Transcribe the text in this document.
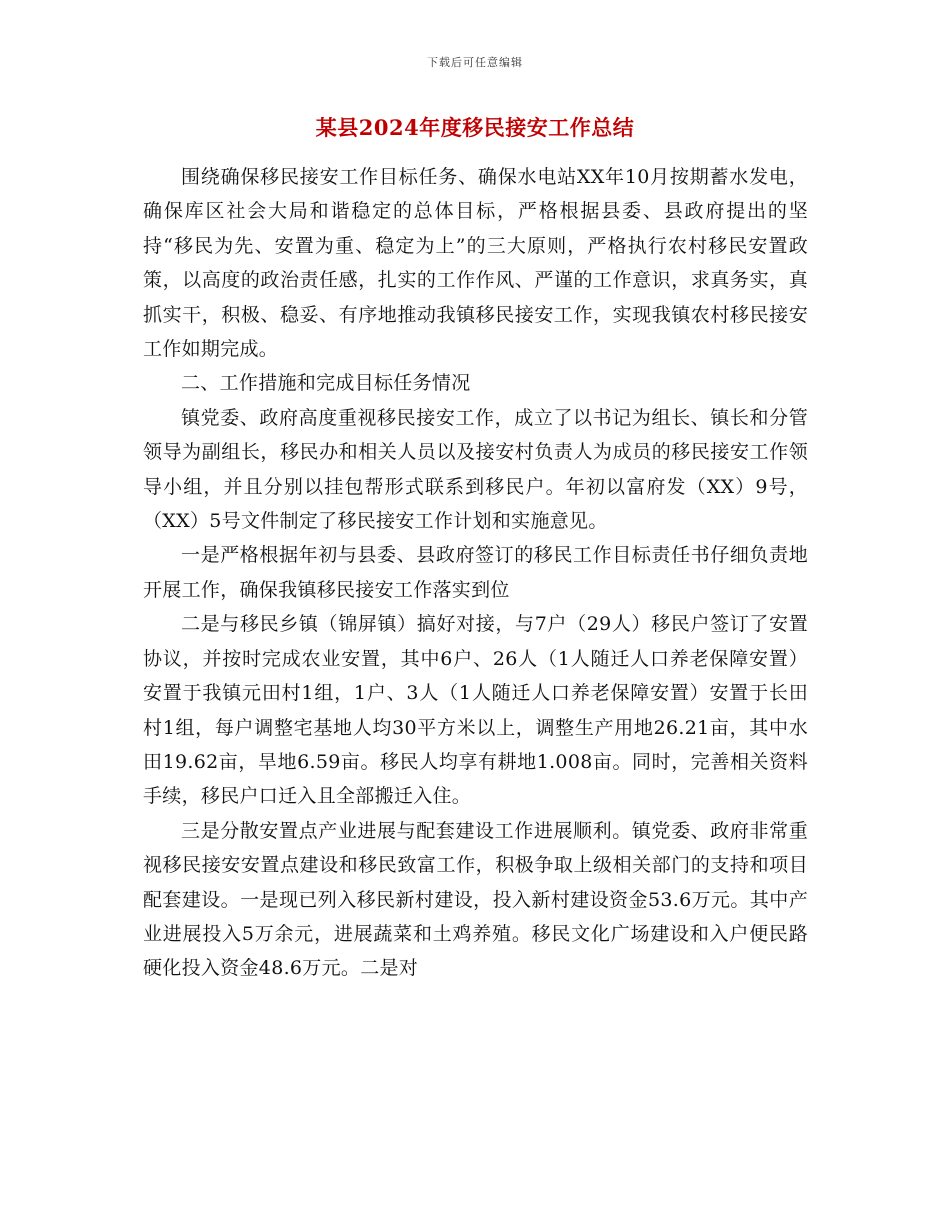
下载后可任意编辑
某县2024年度移民接安工作总结

围绕确保移民接安工作目标任务、确保水电站XX年10月按期蓄水发电，确保库区社会大局和谐稳定的总体目标，严格根据县委、县政府提出的坚持“移民为先、安置为重、稳定为上”的三大原则，严格执行农村移民安置政策，以高度的政治责任感，扎实的工作作风、严谨的工作意识，求真务实，真抓实干，积极、稳妥、有序地推动我镇移民接安工作，实现我镇农村移民接安工作如期完成。

二、工作措施和完成目标任务情况

镇党委、政府高度重视移民接安工作，成立了以书记为组长、镇长和分管领导为副组长，移民办和相关人员以及接安村负责人为成员的移民接安工作领导小组，并且分别以挂包帮形式联系到移民户。年初以富府发（XX）9号，（XX）5号文件制定了移民接安工作计划和实施意见。

一是严格根据年初与县委、县政府签订的移民工作目标责任书仔细负责地开展工作，确保我镇移民接安工作落实到位

二是与移民乡镇（锦屏镇）搞好对接，与7户（29人）移民户签订了安置协议，并按时完成农业安置，其中6户、26人（1人随迁人口养老保障安置）安置于我镇元田村1组，1户、3人（1人随迁人口养老保障安置）安置于长田村1组，每户调整宅基地人均30平方米以上，调整生产用地26.21亩，其中水田19.62亩，旱地6.59亩。移民人均享有耕地1.008亩。同时，完善相关资料手续，移民户口迁入且全部搬迁入住。

三是分散安置点产业进展与配套建设工作进展顺利。镇党委、政府非常重视移民接安安置点建设和移民致富工作，积极争取上级相关部门的支持和项目配套建设。一是现已列入移民新村建设，投入新村建设资金53.6万元。其中产业进展投入5万余元，进展蔬菜和土鸡养殖。移民文化广场建设和入户便民路硬化投入资金48.6万元。二是对
